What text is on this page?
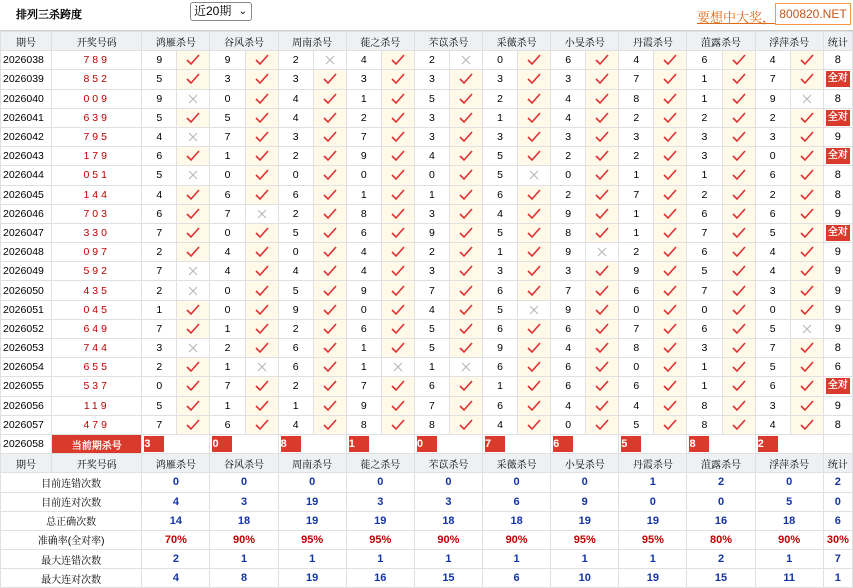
排列三杀跨度	近20期 ⌄	要想中大奖， 800820.NET
期号	开奖号码	鸿雁杀号		谷风杀号		周南杀号		蓰之杀号		芣苡杀号		采薇杀号		小旻杀号		丹霞杀号		菹露杀号		浮萍杀号		统计
2026038	789	9		9		2		4		2		0		6		4		6		4		8
2026039	852	5		3		3		3		3		3		3		7		1		7		全对
2026040	009	9		0		4		1		5		2		4		8		1		9		8
2026041	639	5		5		4		2		3		1		4		2		2		2		全对
2026042	795	4		7		3		7		3		3		3		3		3		3		9
2026043	179	6		1		2		9		4		5		2		2		3		0		全对
2026044	051	5		0		0		0		0		5		0		1		1		6		8
2026045	144	4		6		6		1		1		6		2		7		2		2		8
2026046	703	6		7		2		8		3		4		9		1		6		6		9
2026047	330	7		0		5		6		9		5		8		1		7		5		全对
2026048	097	2		4		0		4		2		1		9		2		6		4		9
2026049	592	7		4		4		4		3		3		3		9		5		4		9
2026050	435	2		0		5		9		7		6		7		6		7		3		9
2026051	045	1		0		9		0		4		5		9		0		0		0		9
2026052	649	7		1		2		6		5		6		6		7		6		5		9
2026053	744	3		2		6		1		5		9		4		8		3		7		8
2026054	655	2		1		6		1		1		6		6		0		1		5		6
2026055	537	0		7		2		7		6		1		6		6		1		6		全对
2026056	119	5		1		1		9		7		6		4		4		8		3		9
2026057	479	7		6		4		8		8		4		0		5		8		4		8
2026058	当前期杀号	3		0		8		1		0		7		6		5		8		2		
期号	开奖号码	鸿雁杀号		谷风杀号		周南杀号		蓰之杀号		芣苡杀号		采薇杀号		小旻杀号		丹霞杀号		菹露杀号		浮萍杀号		统计
目前连错次数		0		0		0		0		0		0		0		1		2		0		2
目前连对次数		4		3		19		3		3		6		9		0		0		5		0
总正确次数		14		18		19		19		18		18		19		19		16		18		6
准确率(全对率)		70%		90%		95%		95%		90%		90%		95%		95%		80%		90%		30%
最大连错次数		2		1		1		1		1		1		1		1		2		1		7
最大连对次数		4		8		19		16		15		6		10		19		15		11		1
